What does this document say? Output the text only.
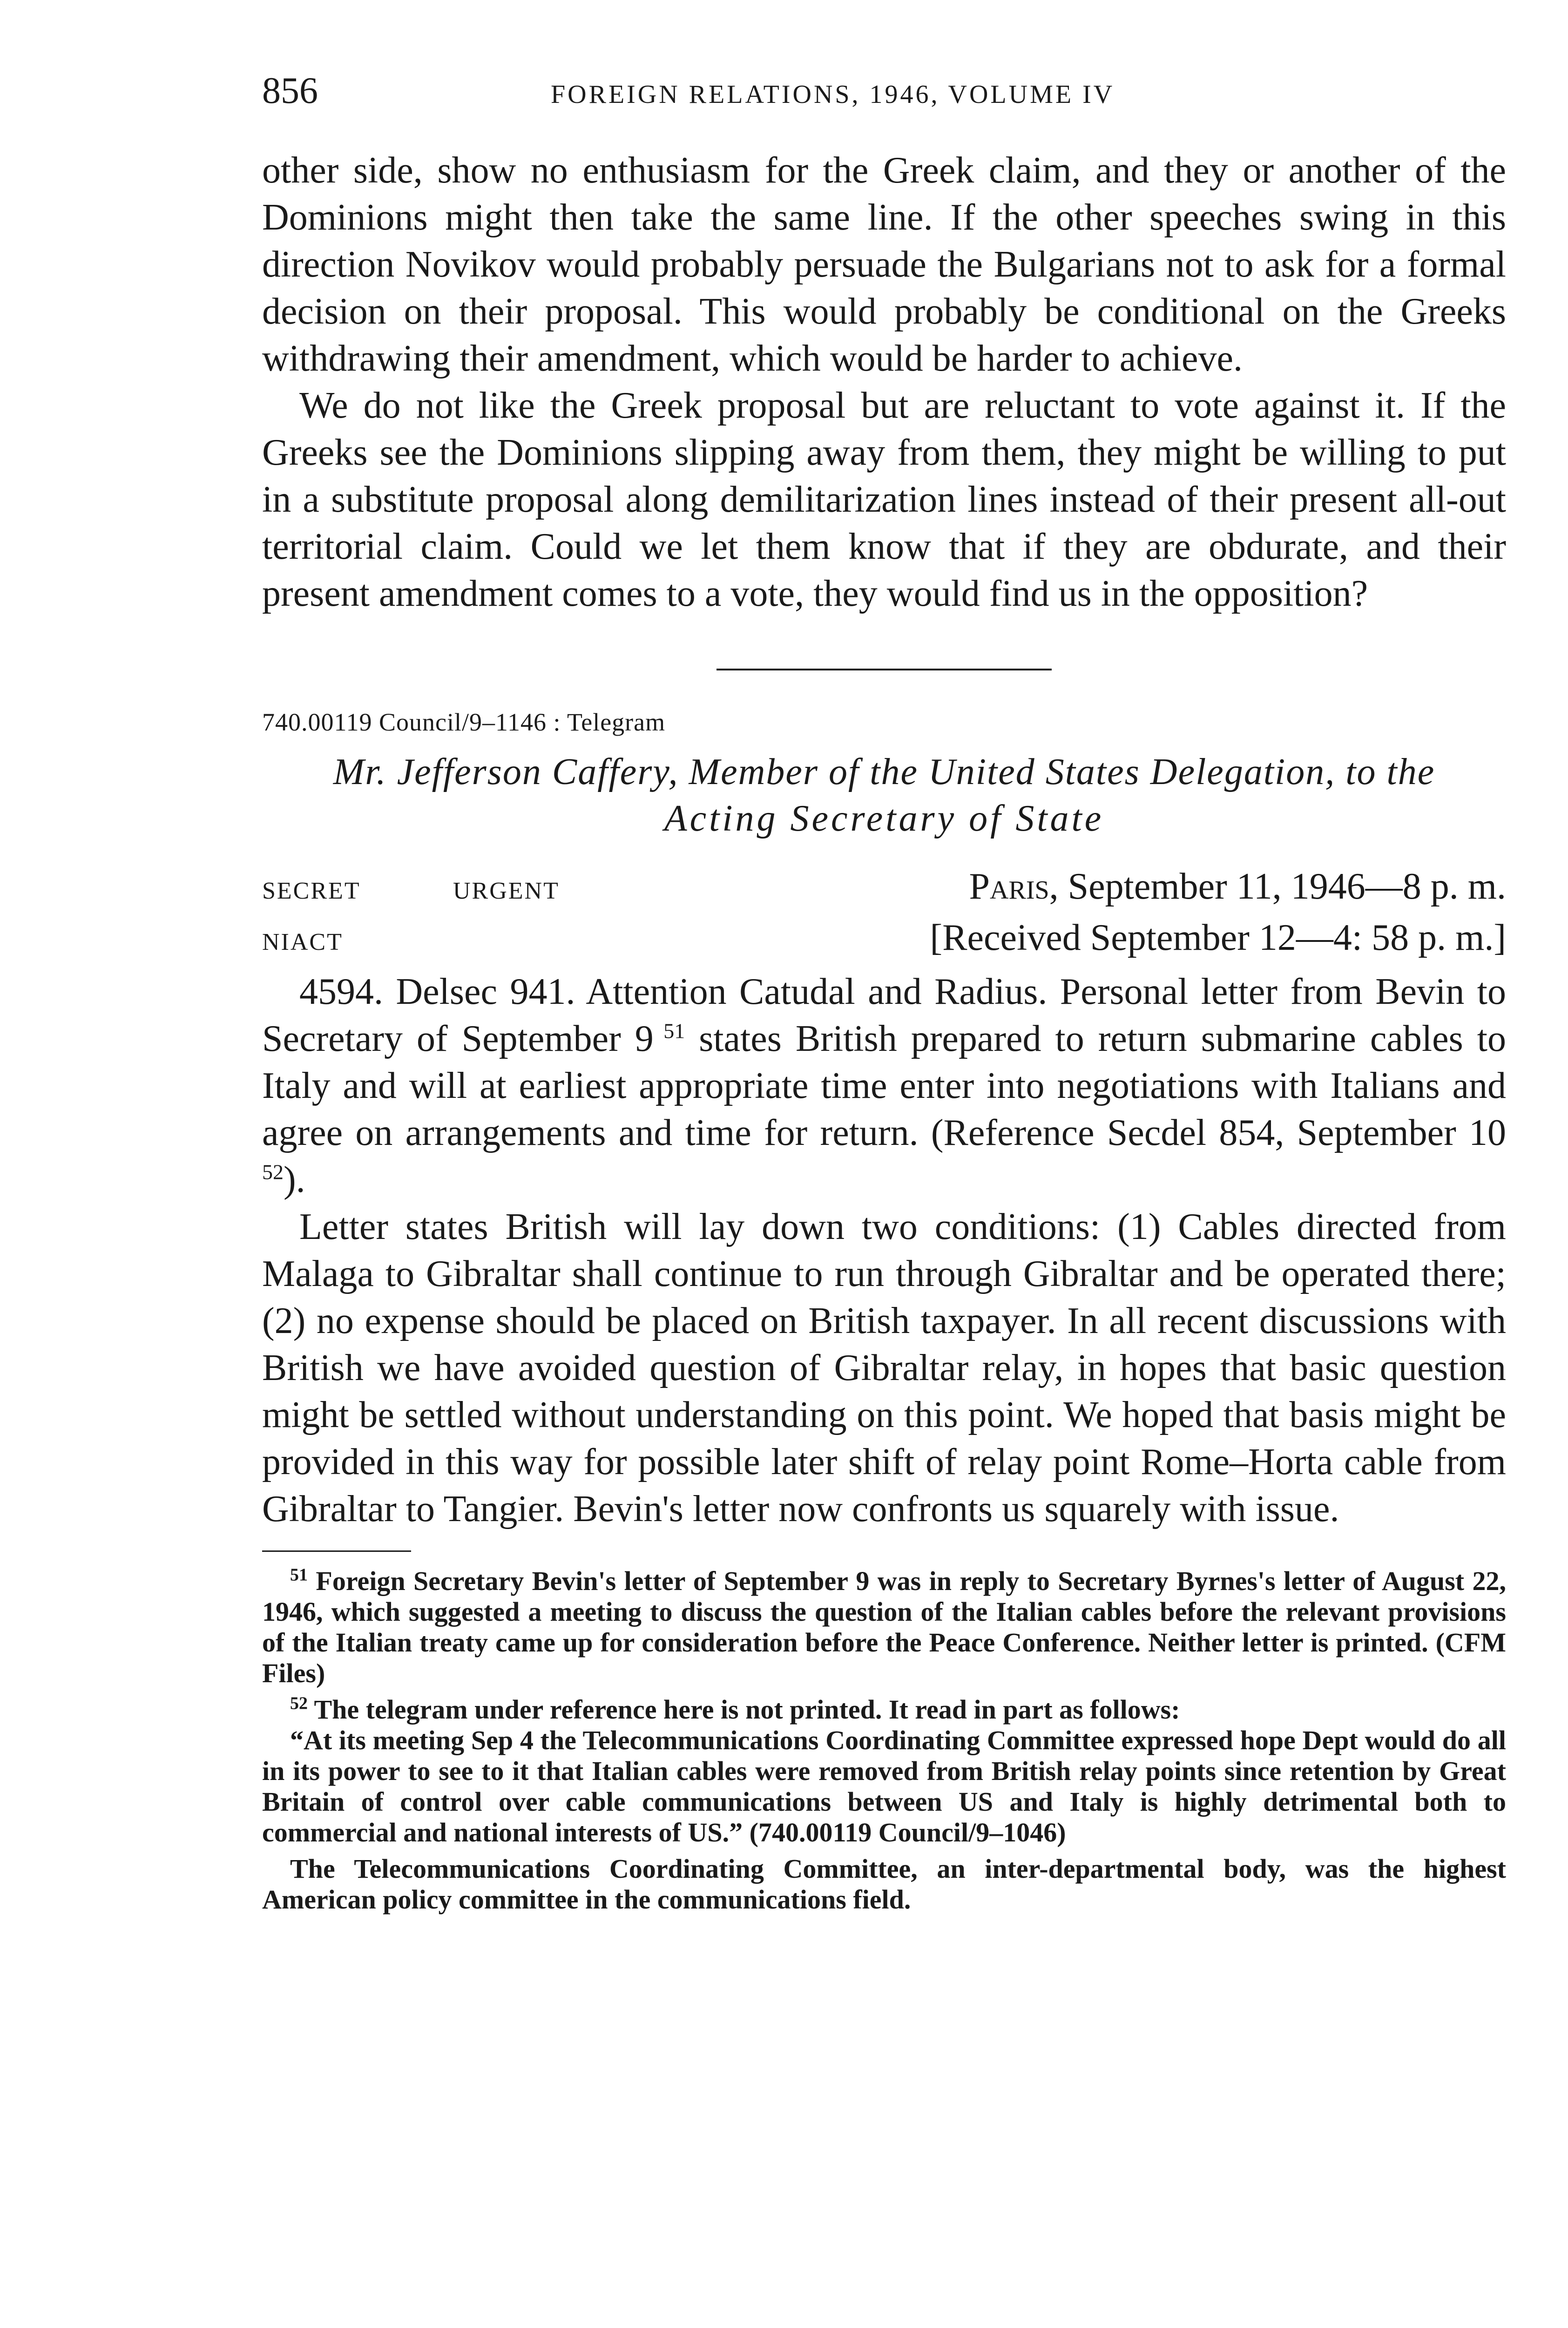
856	FOREIGN RELATIONS, 1946, VOLUME IV

other side, show no enthusiasm for the Greek claim, and they or another of the Dominions might then take the same line. If the other speeches swing in this direction Novikov would probably persuade the Bulgarians not to ask for a formal decision on their proposal. This would probably be conditional on the Greeks withdrawing their amendment, which would be harder to achieve.

We do not like the Greek proposal but are reluctant to vote against it. If the Greeks see the Dominions slipping away from them, they might be willing to put in a substitute proposal along demilitarization lines instead of their present all-out territorial claim. Could we let them know that if they are obdurate, and their present amendment comes to a vote, they would find us in the opposition?

740.00119 Council/9–1146 : Telegram
Mr. Jefferson Caffery, Member of the United States Delegation, to the
Acting Secretary of State
SECRET	URGENT	Paris, September 11, 1946—8 p. m.
NIACT	[Received September 12—4: 58 p. m.]

4594. Delsec 941. Attention Catudal and Radius. Personal letter from Bevin to Secretary of September 9 $^{51}$ states British prepared to return submarine cables to Italy and will at earliest appropriate time enter into negotiations with Italians and agree on arrangements and time for return. (Reference Secdel 854, September 10 $^{52}$).

Letter states British will lay down two conditions: (1) Cables directed from Malaga to Gibraltar shall continue to run through Gibraltar and be operated there; (2) no expense should be placed on British taxpayer. In all recent discussions with British we have avoided question of Gibraltar relay, in hopes that basic question might be settled without understanding on this point. We hoped that basis might be provided in this way for possible later shift of relay point Rome–Horta cable from Gibraltar to Tangier. Bevin's letter now confronts us squarely with issue.

$^{51}$ Foreign Secretary Bevin's letter of September 9 was in reply to Secretary Byrnes's letter of August 22, 1946, which suggested a meeting to discuss the question of the Italian cables before the relevant provisions of the Italian treaty came up for consideration before the Peace Conference. Neither letter is printed. (CFM Files)

$^{52}$ The telegram under reference here is not printed. It read in part as follows:

“At its meeting Sep 4 the Telecommunications Coordinating Committee expressed hope Dept would do all in its power to see to it that Italian cables were removed from British relay points since retention by Great Britain of control over cable communications between US and Italy is highly detrimental both to commercial and national interests of US.” (740.00119 Council/9–1046)

The Telecommunications Coordinating Committee, an inter-departmental body, was the highest American policy committee in the communications field.
